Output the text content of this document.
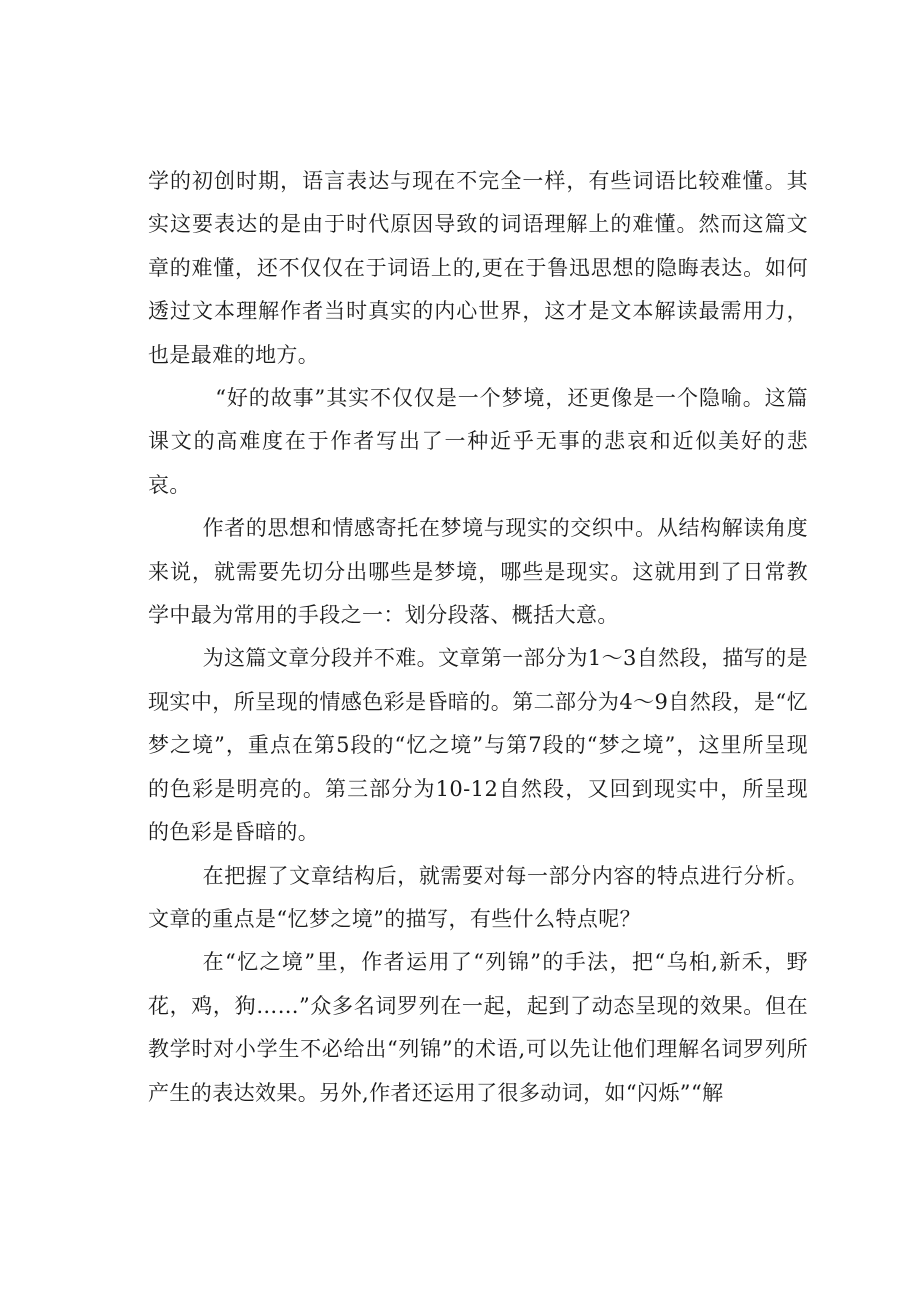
学的初创时期，语言表达与现在不完全一样，有些词语比较难懂。其实这要表达的是由于时代原因导致的词语理解上的难懂。然而这篇文章的难懂，还不仅仅在于词语上的,更在于鲁迅思想的隐晦表达。如何透过文本理解作者当时真实的内心世界，这才是文本解读最需用力，也是最难的地方。

“好的故事”其实不仅仅是一个梦境，还更像是一个隐喻。这篇课文的高难度在于作者写出了一种近乎无事的悲哀和近似美好的悲哀。

作者的思想和情感寄托在梦境与现实的交织中。从结构解读角度来说，就需要先切分出哪些是梦境，哪些是现实。这就用到了日常教学中最为常用的手段之一：划分段落、概括大意。

为这篇文章分段并不难。文章第一部分为1〜3自然段，描写的是现实中，所呈现的情感色彩是昏暗的。第二部分为4〜9自然段，是“忆梦之境”，重点在第5段的“忆之境”与第7段的“梦之境”，这里所呈现的色彩是明亮的。第三部分为10-12自然段，又回到现实中，所呈现的色彩是昏暗的。

在把握了文章结构后，就需要对每一部分内容的特点进行分析。文章的重点是“忆梦之境”的描写，有些什么特点呢？

在“忆之境”里，作者运用了“列锦”的手法，把“乌桕,新禾，野花，鸡，狗……”众多名词罗列在一起，起到了动态呈现的效果。但在教学时对小学生不必给出“列锦”的术语,可以先让他们理解名词罗列所产生的表达效果。另外,作者还运用了很多动词，如“闪烁”“解
